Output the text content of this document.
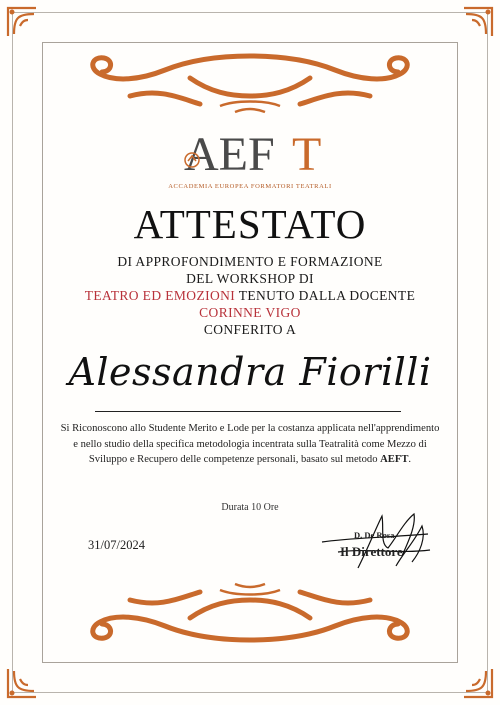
AEF T
ACCADEMIA EUROPEA FORMATORI TEATRALI
ATTESTATO
DI APPROFONDIMENTO E FORMAZIONE
DEL WORKSHOP DI
TEATRO ED EMOZIONI TENUTO DALLA DOCENTE
CORINNE VIGO
CONFERITO A
Alessandra Fiorilli
Si Riconoscono allo Studente Merito e Lode per la costanza applicata nell'apprendimento e nello studio della specifica metodologia incentrata sulla Teatralità come Mezzo di Sviluppo e Recupero delle competenze personali, basato sul metodo AEFT.
Durata 10 Ore
31/07/2024
D. De Rosa
Il Direttore
